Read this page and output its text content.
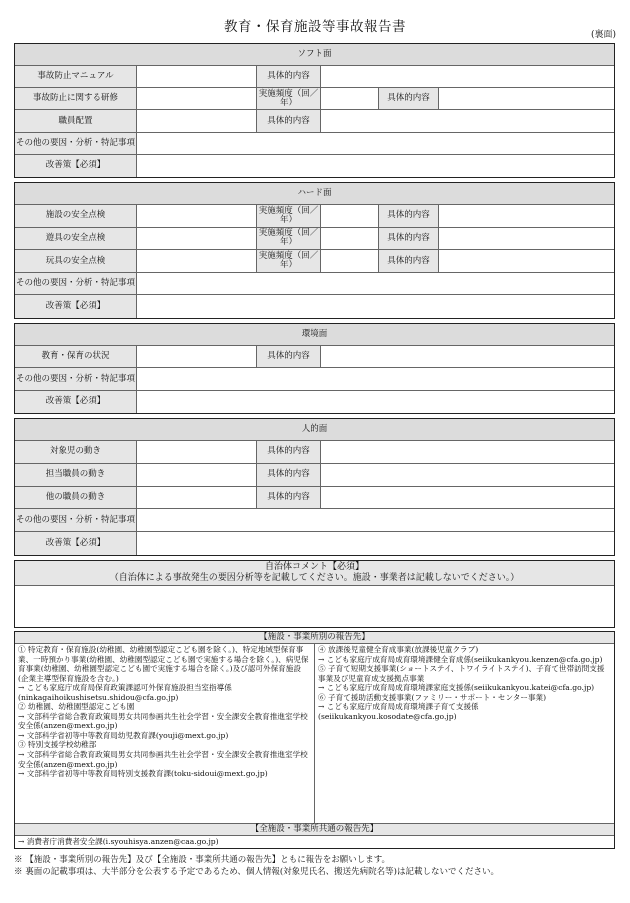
教育・保育施設等事故報告書	(裏面)
ソフト面
事故防止マニュアル	具体的内容
事故防止に関する研修	実施頻度（回／年）	具体的内容
職員配置	具体的内容
その他の要因・分析・特記事項
改善策【必須】
ハード面
施設の安全点検	実施頻度（回／年）	具体的内容
遊具の安全点検	実施頻度（回／年）	具体的内容
玩具の安全点検	実施頻度（回／年）	具体的内容
その他の要因・分析・特記事項
改善策【必須】
環境面
教育・保育の状況	具体的内容
その他の要因・分析・特記事項
改善策【必須】
人的面
対象児の動き	具体的内容
担当職員の動き	具体的内容
他の職員の動き	具体的内容
その他の要因・分析・特記事項
改善策【必須】
自治体コメント【必須】
（自治体による事故発生の要因分析等を記載してください。施設・事業者は記載しないでください。）
【施設・事業所別の報告先】

① 特定教育・保育施設(幼稚園、幼稚園型認定こども園を除く。)、特定地域型保育事業、一時預かり事業(幼稚園、幼稚園型認定こども園で実施する場合を除く。)、病児保育事業(幼稚園、幼稚園型認定こども園で実施する場合を除く。)及び認可外保育施設(企業主導型保育施設を含む。)

→ こども家庭庁成育局保育政策課認可外保育施設担当室指導係(ninkagaihoikushisetsu.shidou@cfa.go.jp)

② 幼稚園、幼稚園型認定こども園

→ 文部科学省総合教育政策局男女共同参画共生社会学習・安全課安全教育推進室学校安全係(anzen@mext.go.jp)

→ 文部科学省初等中等教育局幼児教育課(youji@mext.go.jp)

③ 特別支援学校幼稚部

→ 文部科学省総合教育政策局男女共同参画共生社会学習・安全課安全教育推進室学校安全係(anzen@mext.go.jp)

→ 文部科学省初等中等教育局特別支援教育課(toku-sidoui@mext.go.jp)

④ 放課後児童健全育成事業(放課後児童クラブ)

→ こども家庭庁成育局成育環境課健全育成係(seiikukankyou.kenzen@cfa.go.jp)

⑤ 子育て短期支援事業(ショートステイ、トワイライトステイ)、子育て世帯訪問支援事業及び児童育成支援拠点事業

→ こども家庭庁成育局成育環境課家庭支援係(seiikukankyou.katei@cfa.go.jp)

⑥ 子育て援助活動支援事業(ファミリー・サポート・センター事業)

→ こども家庭庁成育局成育環境課子育て支援係(seiikukankyou.kosodate@cfa.go.jp)

【全施設・事業所共通の報告先】
→ 消費者庁消費者安全課(i.syouhisya.anzen@caa.go.jp)

※ 【施設・事業所別の報告先】及び【全施設・事業所共通の報告先】ともに報告をお願いします。

※ 裏面の記載事項は、大半部分を公表する予定であるため、個人情報(対象児氏名、搬送先病院名等)は記載しないでください。
